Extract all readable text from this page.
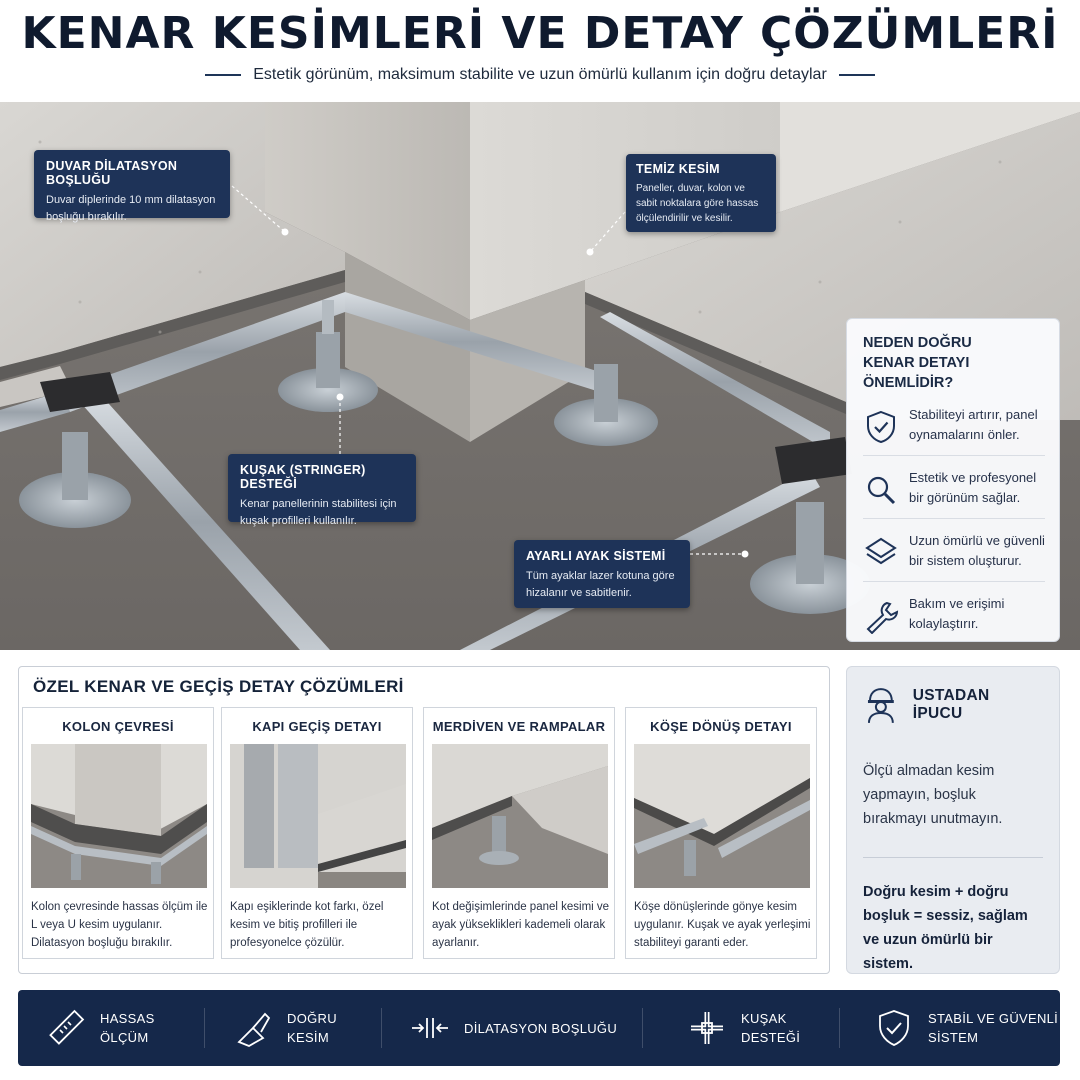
KENAR KESİMLERİ VE DETAY ÇÖZÜMLERİ
Estetik görünüm, maksimum stabilite ve uzun ömürlü kullanım için doğru detaylar
DUVAR DİLATASYON BOŞLUĞU
Duvar diplerinde 10 mm dilatasyon boşluğu bırakılır.
TEMİZ KESİM
Paneller, duvar, kolon ve sabit noktalara göre hassas ölçülendirilir ve kesilir.
KUŞAK (STRINGER) DESTEĞİ
Kenar panellerinin stabilitesi için kuşak profilleri kullanılır.
AYARLI AYAK SİSTEMİ
Tüm ayaklar lazer kotuna göre hizalanır ve sabitlenir.
NEDEN DOĞRU
KENAR DETAYI ÖNEMLİDİR?
Stabiliteyi artırır, panel oynamalarını önler.
Estetik ve profesyonel bir görünüm sağlar.
Uzun ömürlü ve güvenli bir sistem oluşturur.
Bakım ve erişimi kolaylaştırır.
ÖZEL KENAR VE GEÇİŞ DETAY ÇÖZÜMLERİ
KOLON ÇEVRESİ
Kolon çevresinde hassas ölçüm ile L veya U kesim uygulanır. Dilatasyon boşluğu bırakılır.
KAPI GEÇİŞ DETAYI
Kapı eşiklerinde kot farkı, özel kesim ve bitiş profilleri ile profesyonelce çözülür.
MERDİVEN VE RAMPALAR
Kot değişimlerinde panel kesimi ve ayak yükseklikleri kademeli olarak ayarlanır.
KÖŞE DÖNÜŞ DETAYI
Köşe dönüşlerinde gönye kesim uygulanır. Kuşak ve ayak yerleşimi stabiliteyi garanti eder.
USTADAN İPUCU
Ölçü almadan kesim yapmayın, boşluk bırakmayı unutmayın.
Doğru kesim + doğru boşluk = sessiz, sağlam ve uzun ömürlü bir sistem.
HASSAS
ÖLÇÜM
DOĞRU
KESİM
DİLATASYON BOŞLUĞU
KUŞAK
DESTEĞİ
STABİL VE GÜVENLİ
SİSTEM
